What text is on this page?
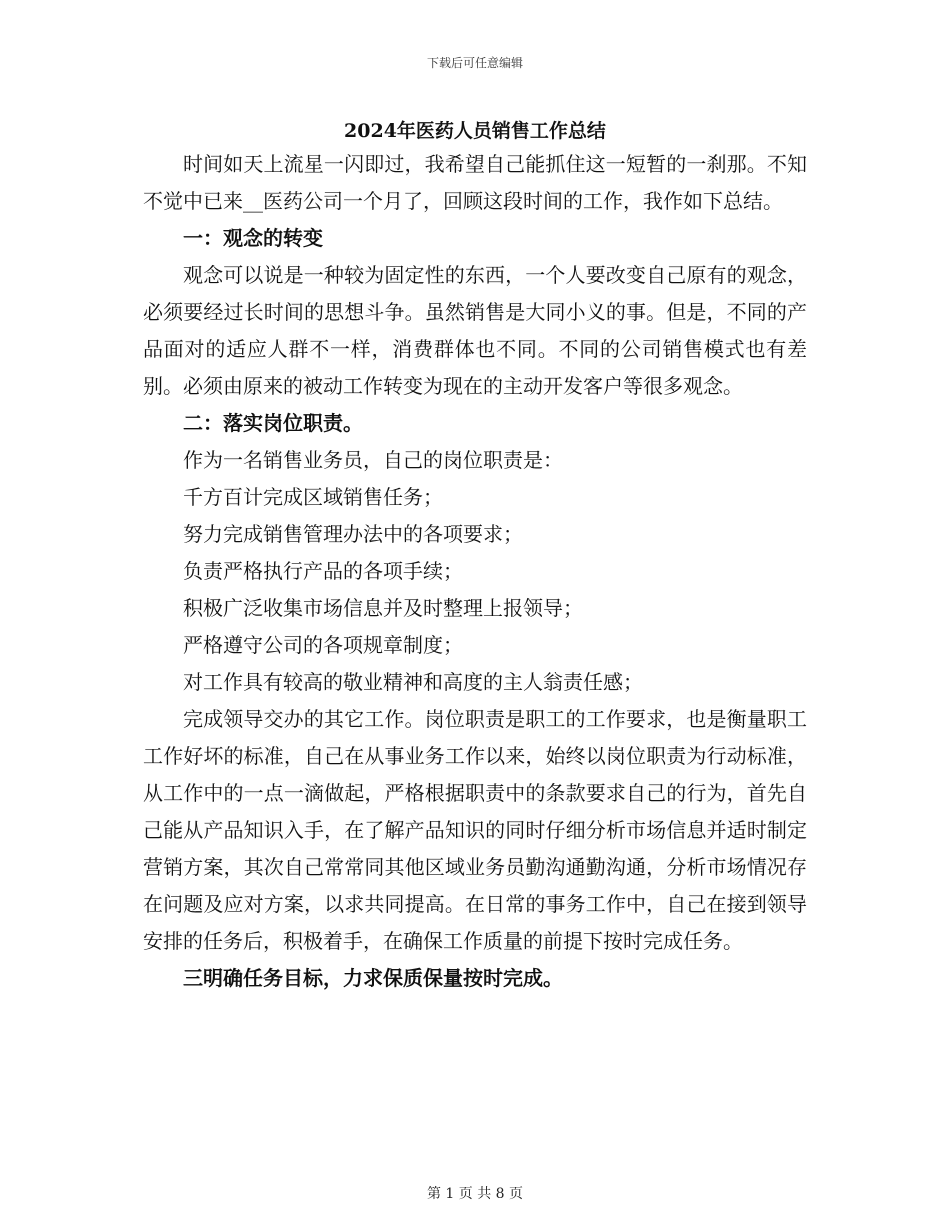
下载后可任意编辑
2024年医药人员销售工作总结

时间如天上流星一闪即过，我希望自己能抓住这一短暂的一刹那。不知不觉中已来__医药公司一个月了，回顾这段时间的工作，我作如下总结。

一：观念的转变

观念可以说是一种较为固定性的东西，一个人要改变自己原有的观念，必须要经过长时间的思想斗争。虽然销售是大同小义的事。但是，不同的产品面对的适应人群不一样，消费群体也不同。不同的公司销售模式也有差别。必须由原来的被动工作转变为现在的主动开发客户等很多观念。

二：落实岗位职责。

作为一名销售业务员，自己的岗位职责是：

千方百计完成区域销售任务；

努力完成销售管理办法中的各项要求；

负责严格执行产品的各项手续；

积极广泛收集市场信息并及时整理上报领导；

严格遵守公司的各项规章制度；

对工作具有较高的敬业精神和高度的主人翁责任感；

完成领导交办的其它工作。岗位职责是职工的工作要求，也是衡量职工工作好坏的标准，自己在从事业务工作以来，始终以岗位职责为行动标准，从工作中的一点一滴做起，严格根据职责中的条款要求自己的行为，首先自己能从产品知识入手，在了解产品知识的同时仔细分析市场信息并适时制定营销方案，其次自己常常同其他区域业务员勤沟通勤沟通，分析市场情况存在问题及应对方案，以求共同提高。在日常的事务工作中，自己在接到领导安排的任务后，积极着手，在确保工作质量的前提下按时完成任务。

三明确任务目标，力求保质保量按时完成。

第 1 页 共 8 页
